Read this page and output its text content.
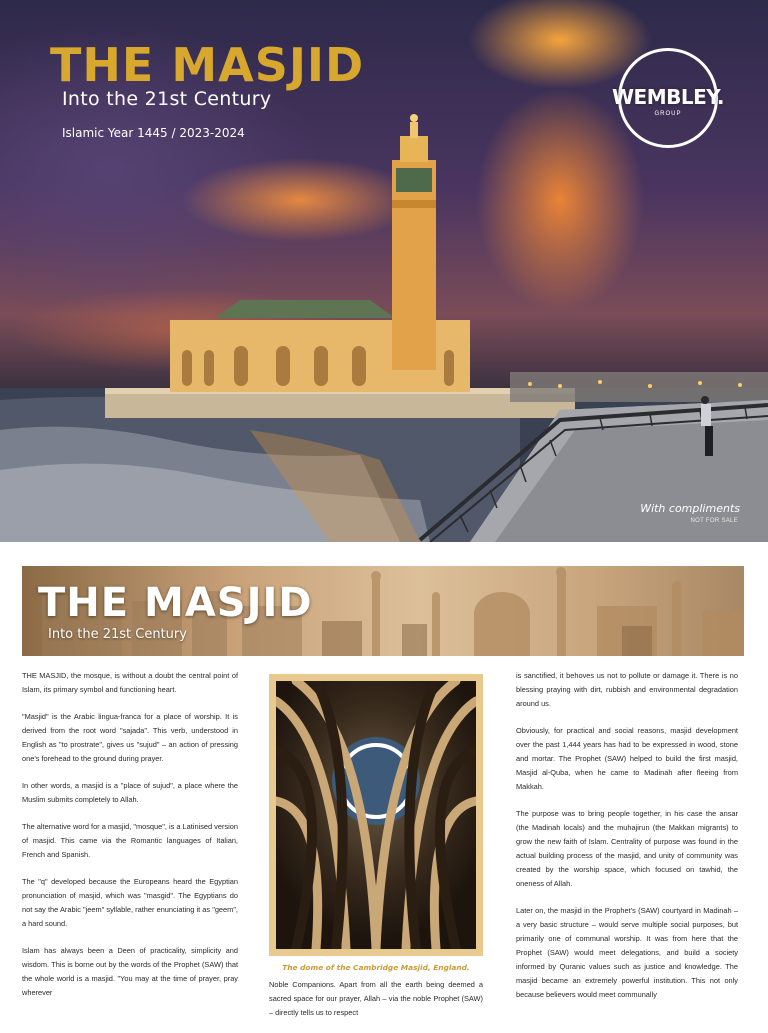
THE MASJID

Into the 21st Century

Islamic Year 1445 / 2023-2024

WEMBLEY.
GROUP

With compliments

NOT FOR SALE

THE MASJID

Into the 21st Century

THE MASJID, the mosque, is without a doubt the central point of Islam, its primary symbol and functioning heart.

"Masjid" is the Arabic lingua-franca for a place of worship. It is derived from the root word "sajada". This verb, understood in English as "to prostrate", gives us "sujud" – an action of pressing one's forehead to the ground during prayer.

In other words, a masjid is a "place of sujud", a place where the Muslim submits completely to Allah.

The alternative word for a masjid, "mosque", is a Latinised version of masjid. This came via the Romantic languages of Italian, French and Spanish.

The "q" developed because the Europeans heard the Egyptian pronunciation of masjid, which was "masgid". The Egyptians do not say the Arabic "jeem" syllable, rather enunciating it as "geem", a hard sound.

Islam has always been a Deen of practicality, simplicity and wisdom. This is borne out by the words of the Prophet (SAW) that the whole world is a masjid. "You may at the time of prayer, pray wherever

The dome of the Cambridge Masjid, England.

Noble Companions. Apart from all the earth being deemed a sacred space for our prayer, Allah – via the noble Prophet (SAW) – directly tells us to respect

is sanctified, it behoves us not to pollute or damage it. There is no blessing praying with dirt, rubbish and environmental degradation around us.

Obviously, for practical and social reasons, masjid development over the past 1,444 years has had to be expressed in wood, stone and mortar. The Prophet (SAW) helped to build the first masjid, Masjid al-Quba, when he came to Madinah after fleeing from Makkah.

The purpose was to bring people together, in his case the ansar (the Madinah locals) and the muhajirun (the Makkan migrants) to grow the new faith of Islam. Centrality of purpose was found in the actual building process of the masjid, and unity of community was created by the worship space, which focused on tawhid, the oneness of Allah.

Later on, the masjid in the Prophet's (SAW) courtyard in Madinah – a very basic structure – would serve multiple social purposes, but primarily one of communal worship. It was from here that the Prophet (SAW) would meet delegations, and build a society informed by Quranic values such as justice and knowledge. The masjid became an extremely powerful institution. This not only because believers would meet communally
